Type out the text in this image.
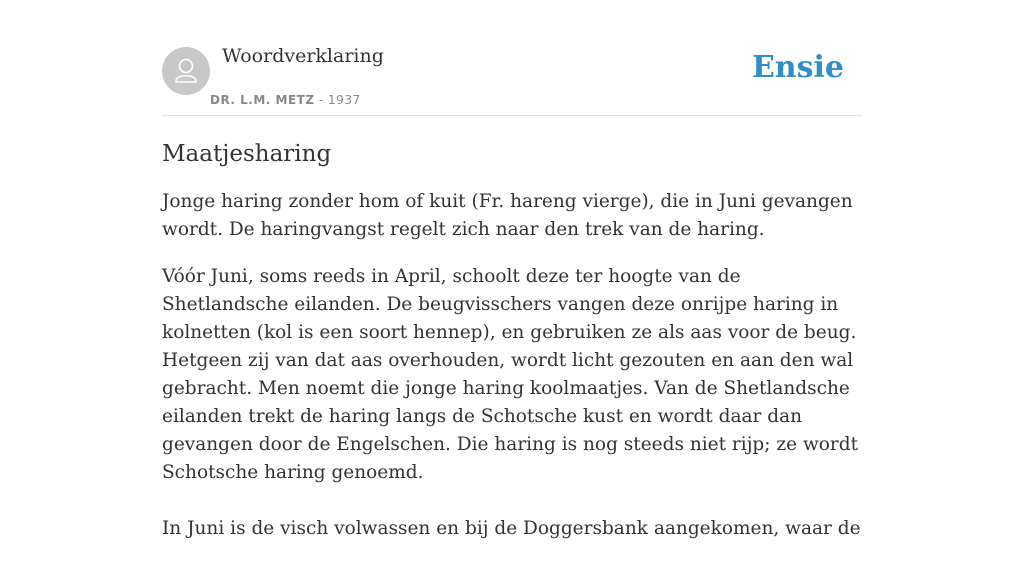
Woordverklaring
DR. L.M. METZ - 1937
Ensie
Maatjesharing

Jonge haring zonder hom of kuit (Fr. hareng vierge), die in Juni gevangen wordt. De haringvangst regelt zich naar den trek van de haring.

Vóór Juni, soms reeds in April, schoolt deze ter hoogte van de Shetlandsche eilanden. De beugvisschers vangen deze onrijpe haring in kolnetten (kol is een soort hennep), en gebruiken ze als aas voor de beug. Hetgeen zij van dat aas overhouden, wordt licht gezouten en aan den wal gebracht. Men noemt die jonge haring koolmaatjes. Van de Shetlandsche eilanden trekt de haring langs de Schotsche kust en wordt daar dan gevangen door de Engelschen. Die haring is nog steeds niet rijp; ze wordt Schotsche haring genoemd.

In Juni is de visch volwassen en bij de Doggersbank aangekomen, waar de
